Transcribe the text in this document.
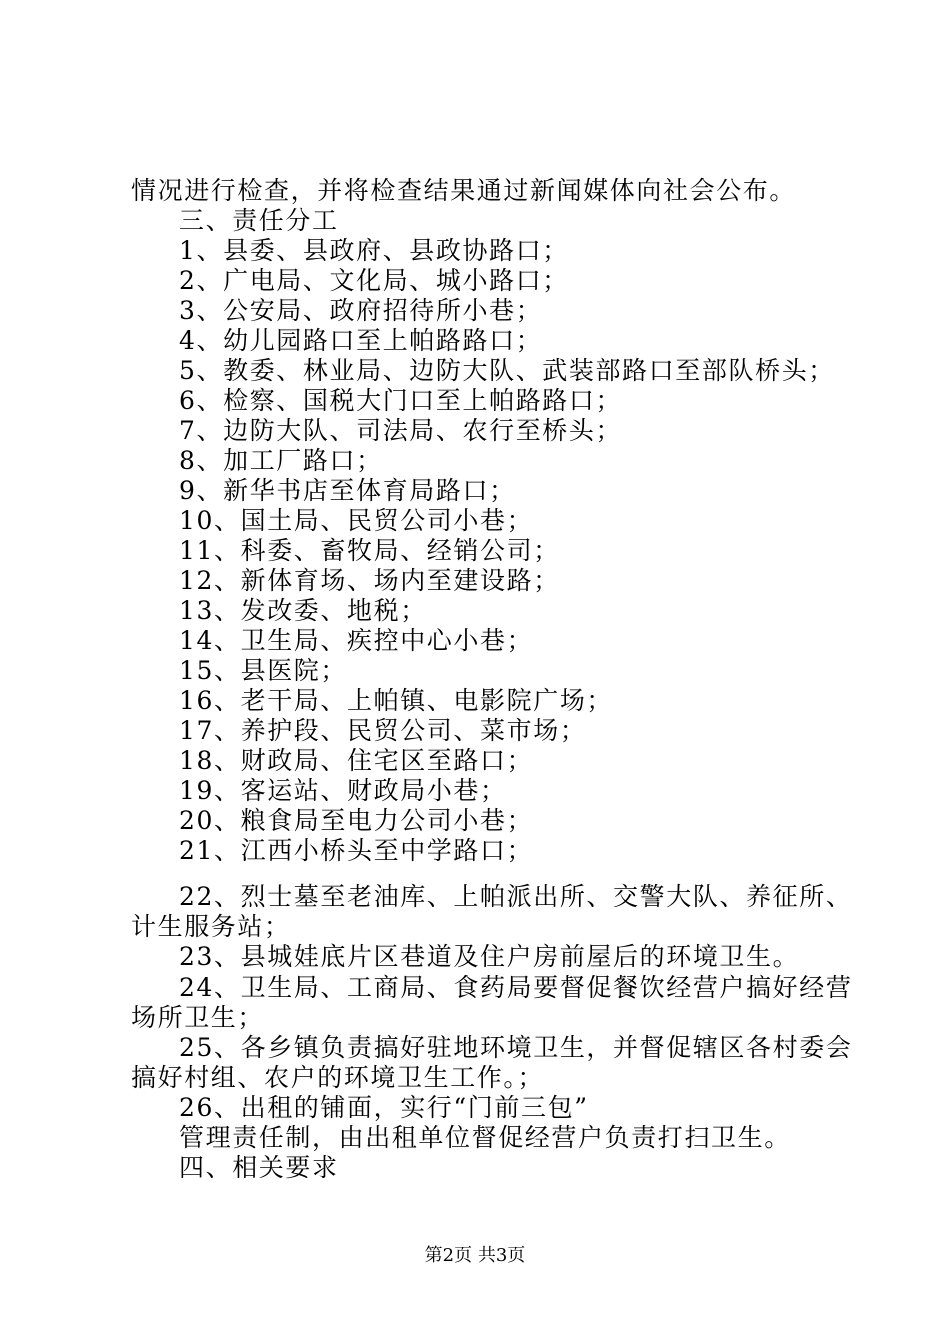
情况进行检查，并将检查结果通过新闻媒体向社会公布。
三、责任分工
1、县委、县政府、县政协路口；
2、广电局、文化局、城小路口；
3、公安局、政府招待所小巷；
4、幼儿园路口至上帕路路口；
5、教委、林业局、边防大队、武装部路口至部队桥头；
6、检察、国税大门口至上帕路路口；
7、边防大队、司法局、农行至桥头；
8、加工厂路口；
9、新华书店至体育局路口；
10、国土局、民贸公司小巷；
11、科委、畜牧局、经销公司；
12、新体育场、场内至建设路；
13、发改委、地税；
14、卫生局、疾控中心小巷；
15、县医院；
16、老干局、上帕镇、电影院广场；
17、养护段、民贸公司、菜市场；
18、财政局、住宅区至路口；
19、客运站、财政局小巷；
20、粮食局至电力公司小巷；
21、江西小桥头至中学路口；
22、烈士墓至老油库、上帕派出所、交警大队、养征所、
计生服务站；
23、县城娃底片区巷道及住户房前屋后的环境卫生。
24、卫生局、工商局、食药局要督促餐饮经营户搞好经营
场所卫生；
25、各乡镇负责搞好驻地环境卫生，并督促辖区各村委会
搞好村组、农户的环境卫生工作。；
26、出租的铺面，实行“门前三包”
管理责任制，由出租单位督促经营户负责打扫卫生。
四、相关要求
第2页 共3页
